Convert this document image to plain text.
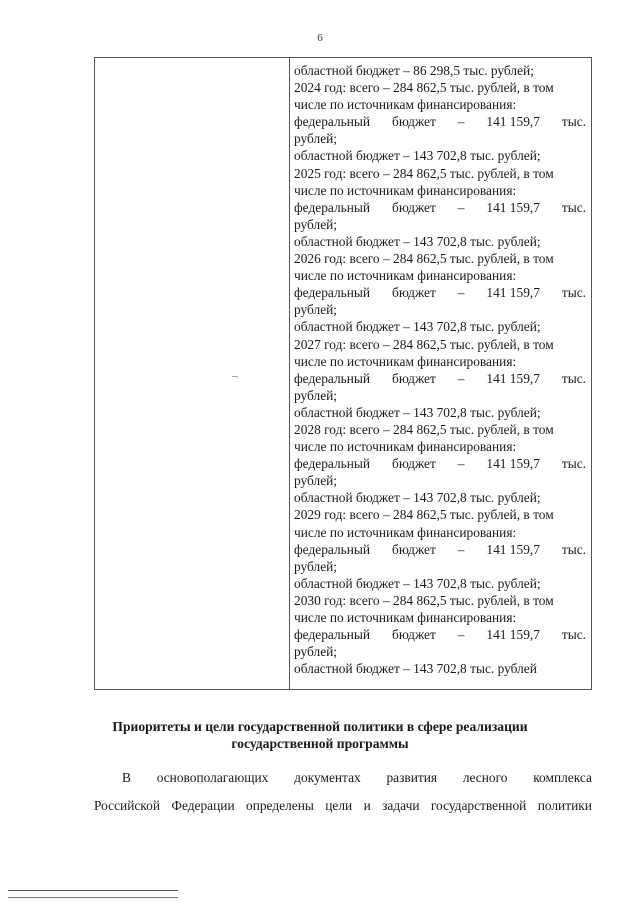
6
областной бюджет – 86 298,5 тыс. рублей;
2024 год: всего – 284 862,5 тыс. рублей, в том
числе по источникам финансирования:
федеральный бюджет – 141 159,7 тыс.
рублей;
областной бюджет – 143 702,8 тыс. рублей;
2025 год: всего – 284 862,5 тыс. рублей, в том
числе по источникам финансирования:
федеральный бюджет – 141 159,7 тыс.
рублей;
областной бюджет – 143 702,8 тыс. рублей;
2026 год: всего – 284 862,5 тыс. рублей, в том
числе по источникам финансирования:
федеральный бюджет – 141 159,7 тыс.
рублей;
областной бюджет – 143 702,8 тыс. рублей;
2027 год: всего – 284 862,5 тыс. рублей, в том
числе по источникам финансирования:
федеральный бюджет – 141 159,7 тыс.
рублей;
областной бюджет – 143 702,8 тыс. рублей;
2028 год: всего – 284 862,5 тыс. рублей, в том
числе по источникам финансирования:
федеральный бюджет – 141 159,7 тыс.
рублей;
областной бюджет – 143 702,8 тыс. рублей;
2029 год: всего – 284 862,5 тыс. рублей, в том
числе по источникам финансирования:
федеральный бюджет – 141 159,7 тыс.
рублей;
областной бюджет – 143 702,8 тыс. рублей;
2030 год: всего – 284 862,5 тыс. рублей, в том
числе по источникам финансирования:
федеральный бюджет – 141 159,7 тыс.
рублей;
областной бюджет – 143 702,8 тыс. рублей
Приоритеты и цели государственной политики в сфере реализации
государственной программы
В основополагающих документах развития лесного комплекса
Российской Федерации определены цели и задачи государственной политики
